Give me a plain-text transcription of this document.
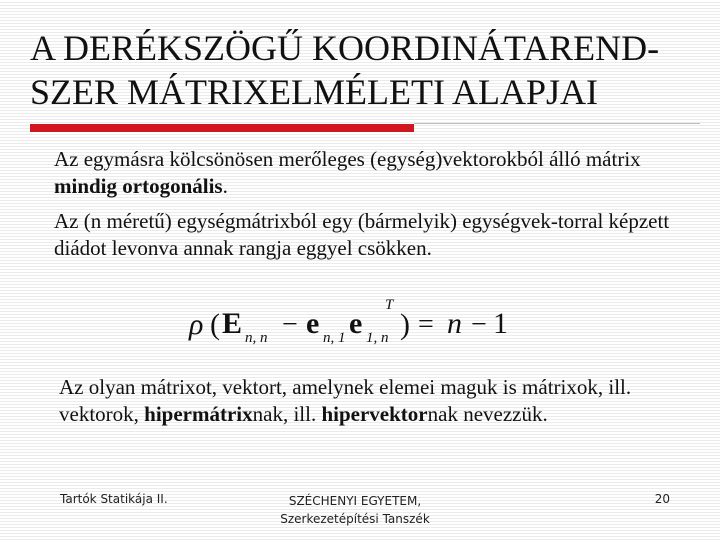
A DERÉKSZÖGŰ KOORDINÁTAREND-
SZER MÁTRIXELMÉLETI ALAPJAI

Az egymásra kölcsönösen merőleges (egység)vektorokból álló mátrix mindig ortogonális.

Az (n méretű) egységmátrixból egy (bármelyik) egységvek-torral képzett diádot levonva annak rangja eggyel csökken.

ρ ( E n, n − e n, 1 e 1, n
T
) = n − 1

Az olyan mátrixot, vektort, amelynek elemei maguk is mátrixok, ill. vektorok, hipermátrixnak, ill. hipervektornak nevezzük.

Tartók Statikája II.	SZÉCHENYI EGYETEM,
Szerkezetépítési Tanszék
20
